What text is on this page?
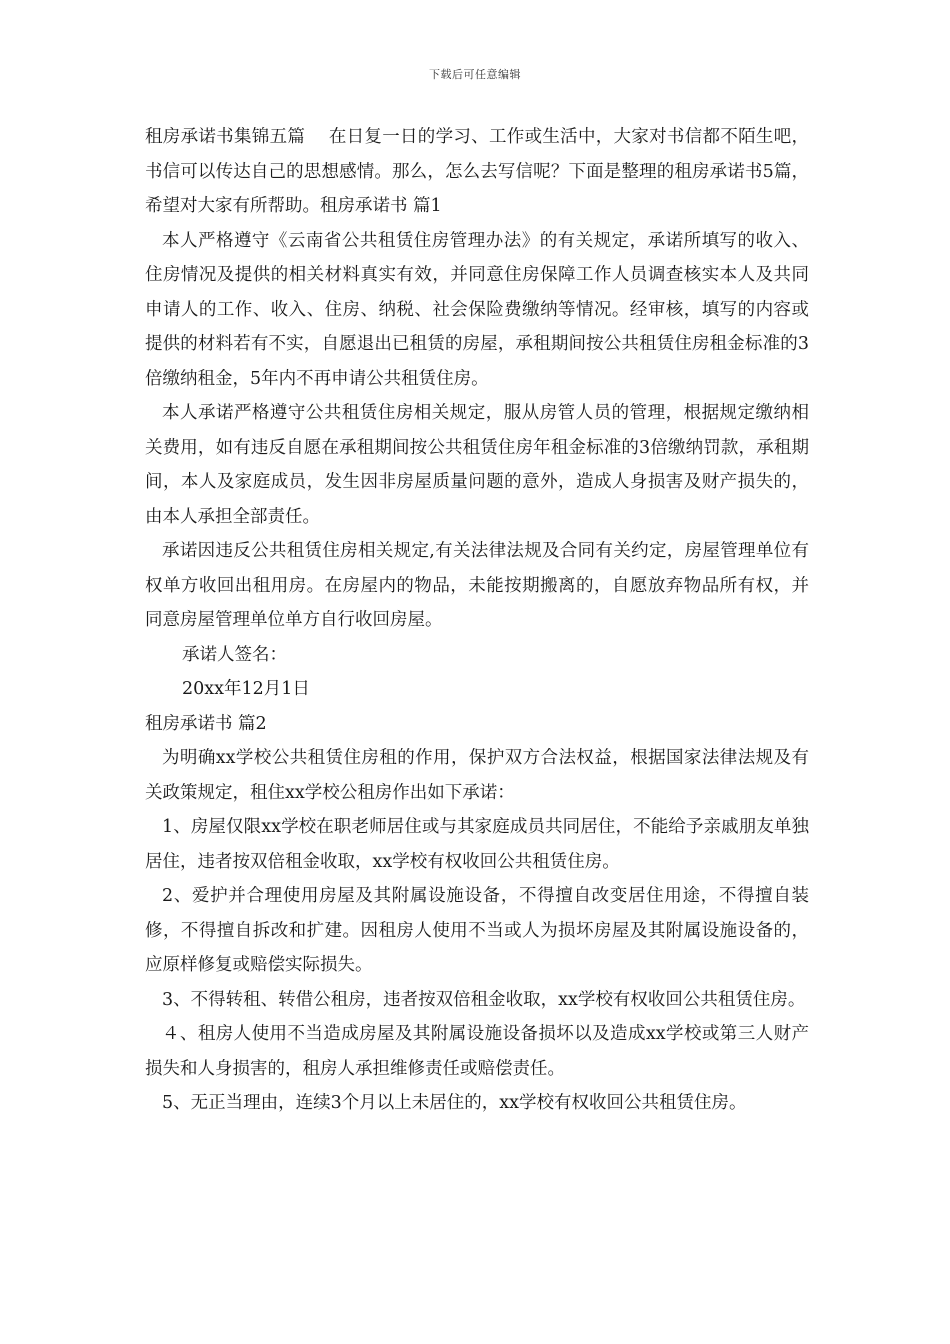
下载后可任意编辑

租房承诺书集锦五篇　 在日复一日的学习、工作或生活中，大家对书信都不陌生吧，书信可以传达自己的思想感情。那么，怎么去写信呢？下面是整理的租房承诺书5篇，希望对大家有所帮助。租房承诺书 篇1

本人严格遵守《云南省公共租赁住房管理办法》的有关规定，承诺所填写的收入、住房情况及提供的相关材料真实有效，并同意住房保障工作人员调查核实本人及共同申请人的工作、收入、住房、纳税、社会保险费缴纳等情况。经审核，填写的内容或提供的材料若有不实，自愿退出已租赁的房屋，承租期间按公共租赁住房租金标准的3倍缴纳租金，5年内不再申请公共租赁住房。

本人承诺严格遵守公共租赁住房相关规定，服从房管人员的管理，根据规定缴纳相关费用，如有违反自愿在承租期间按公共租赁住房年租金标准的3倍缴纳罚款，承租期间，本人及家庭成员，发生因非房屋质量问题的意外，造成人身损害及财产损失的，由本人承担全部责任。

承诺因违反公共租赁住房相关规定,有关法律法规及合同有关约定，房屋管理单位有权单方收回出租用房。在房屋内的物品，未能按期搬离的，自愿放弃物品所有权，并同意房屋管理单位单方自行收回房屋。

承诺人签名：

20xx年12月1日

租房承诺书 篇2

为明确xx学校公共租赁住房租的作用，保护双方合法权益，根据国家法律法规及有关政策规定，租住xx学校公租房作出如下承诺：

1、房屋仅限xx学校在职老师居住或与其家庭成员共同居住，不能给予亲戚朋友单独居住，违者按双倍租金收取，xx学校有权收回公共租赁住房。

2、爱护并合理使用房屋及其附属设施设备，不得擅自改变居住用途，不得擅自装修，不得擅自拆改和扩建。因租房人使用不当或人为损坏房屋及其附属设施设备的，应原样修复或赔偿实际损失。

3、不得转租、转借公租房，违者按双倍租金收取，xx学校有权收回公共租赁住房。

４、租房人使用不当造成房屋及其附属设施设备损坏以及造成xx学校或第三人财产损失和人身损害的，租房人承担维修责任或赔偿责任。

5、无正当理由，连续3个月以上未居住的，xx学校有权收回公共租赁住房。
